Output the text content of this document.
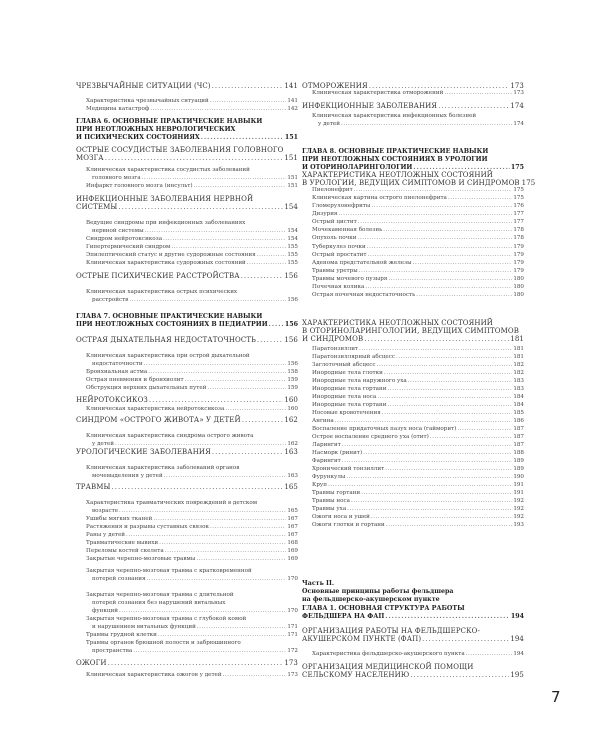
ЧРЕЗВЫЧАЙНЫЕ СИТУАЦИИ (ЧС) . . .	141
Характеристика чрезвычайных ситуаций . . .	141
Медицина катастроф . . .	142
ГЛАВА 6. ОСНОВНЫЕ ПРАКТИЧЕСКИЕ НАВЫКИ
ПРИ НЕОТЛОЖНЫХ НЕВРОЛОГИЧЕСКИХ
И ПСИХИЧЕСКИХ СОСТОЯНИЯХ . . .	151
ОСТРЫЕ СОСУДИСТЫЕ ЗАБОЛЕВАНИЯ ГОЛОВНОГО
МОЗГА . . .	151
Клиническая характеристика сосудистых заболеваний
головного мозга . . .	151
Инфаркт головного мозга (инсульт) . . .	151
ИНФЕКЦИОННЫЕ ЗАБОЛЕВАНИЯ НЕРВНОЙ
СИСТЕМЫ . . .	154
Ведущие синдромы при инфекционных заболеваниях
нервной системы . . .	154
Синдром нейротоксикоза . . .	154
Гипертермический синдром . . .	155
Эпилептический статус и другие судорожные состояния . . .	155
Клиническая характеристика судорожных состояний . . .	155
ОСТРЫЕ ПСИХИЧЕСКИЕ РАССТРОЙСТВА . . .	156
Клиническая характеристика острых психических
расстройств . . .	156
ГЛАВА 7. ОСНОВНЫЕ ПРАКТИЧЕСКИЕ НАВЫКИ
ПРИ НЕОТЛОЖНЫХ СОСТОЯНИЯХ В ПЕДИАТРИИ . . .	156
ОСТРАЯ ДЫХАТЕЛЬНАЯ НЕДОСТАТОЧНОСТЬ . . .	156
Клиническая характеристика при острой дыхательной
недостаточности . . .	156
Бронхиальная астма . . .	158
Острая пневмония и бронхиолит . . .	159
Обструкция верхних дыхательных путей . . .	159
НЕЙРОТОКСИКОЗ . . .	160
Клиническая характеристика нейротоксикоза . . .	160
СИНДРОМ «ОСТРОГО ЖИВОТА» У ДЕТЕЙ . . .	162
Клиническая характеристика синдрома острого живота
у детей . . .	162
УРОЛОГИЧЕСКИЕ ЗАБОЛЕВАНИЯ . . .	163
Клиническая характеристика заболеваний органов
мочевыделения у детей . . .	163
ТРАВМЫ . . .	165
Характеристика травматических повреждений в детском
возрасте . . .	165
Ушибы мягких тканей . . .	167
Растяжения и разрывы суставных связок . . .	167
Раны у детей . . .	167
Травматические вывихи . . .	168
Переломы костей скелета . . .	169
Закрытые черепно-мозговые травмы . . .	169
Закрытая черепно-мозговая травма с кратковременной
потерей сознания . . .	170
Закрытая черепно-мозговая травма с длительной
потерей сознания без нарушений витальных
функций . . .	170
Закрытая черепно-мозговая травма с глубокой комой
и нарушением витальных функций . . .	171
Травмы грудной клетки . . .	171
Травмы органов брюшной полости и забрюшинного
пространства . . .	172
ОЖОГИ . . .	173
Клиническая характеристика ожогов у детей . . .	173
ОТМОРОЖЕНИЯ . . .	173
Клиническая характеристика отморожений . . .	173
ИНФЕКЦИОННЫЕ ЗАБОЛЕВАНИЯ . . .	174
Клиническая характеристика инфекционных болезней
у детей . . .	174
ГЛАВА 8. ОСНОВНЫЕ ПРАКТИЧЕСКИЕ НАВЫКИ
ПРИ НЕОТЛОЖНЫХ СОСТОЯНИЯХ В УРОЛОГИИ
И ОТОРИНОЛАРИНГОЛОГИИ . . .	175
ХАРАКТЕРИСТИКА НЕОТЛОЖНЫХ СОСТОЯНИЙ
В УРОЛОГИИ, ВЕДУЩИХ СИМПТОМОВ И СИНДРОМОВ 175
Пиелонефрит . . .	175
Клиническая картина острого пиелонефрита . . .	175
Гломерулонефриты . . .	176
Дизурия . . .	177
Острый цистит . . .	177
Мочекаменная болезнь . . .	178
Опухоль почки . . .	178
Туберкулез почки . . .	179
Острый простатит . . .	179
Аденома предстательной железы . . .	179
Травмы уретры . . .	179
Травмы мочевого пузыря . . .	180
Почечная колика . . .	180
Острая почечная недостаточность . . .	180
ХАРАКТЕРИСТИКА НЕОТЛОЖНЫХ СОСТОЯНИЙ
В ОТОРИНОЛАРИНГОЛОГИИ, ВЕДУЩИХ СИМПТОМОВ
И СИНДРОМОВ . . .	181
Паратонзиллит . . .	181
Паратонзиллярный абсцесс . . .	181
Заглоточный абсцесс . . .	182
Инородные тела глотки . . .	182
Инородные тела наружного уха . . .	183
Инородные тела гортани . . .	183
Инородные тела носа . . .	184
Инородные тела гортани . . .	184
Носовые кровотечения . . .	185
Ангина . . .	186
Воспаление придаточных пазух носа (гайморит) . . .	187
Острое воспаление среднего уха (отит) . . .	187
Ларингит . . .	187
Насморк (ринит) . . .	188
Фарингит . . .	189
Хронический тонзиллит . . .	189
Фурункулы . . .	190
Круп . . .	191
Травмы гортани . . .	191
Травмы носа . . .	192
Травмы уха . . .	192
Ожоги носа и ушей . . .	192
Ожоги глотки и гортани . . .	193
Часть II.
Основные принципы работы фельдшера
на фельдшерско-акушерском пункте
ГЛАВА 1. ОСНОВНАЯ СТРУКТУРА РАБОТЫ
ФЕЛЬДШЕРА НА ФАП . . .	194
ОРГАНИЗАЦИЯ РАБОТЫ НА ФЕЛЬДШЕРСКО-
АКУШЕРСКОМ ПУНКТЕ (ФАП) . . .	194
Характеристика фельдшерско-акушерского пункта . . .	194
ОРГАНИЗАЦИЯ МЕДИЦИНСКОЙ ПОМОЩИ
СЕЛЬСКОМУ НАСЕЛЕНИЮ . . .	195
7
